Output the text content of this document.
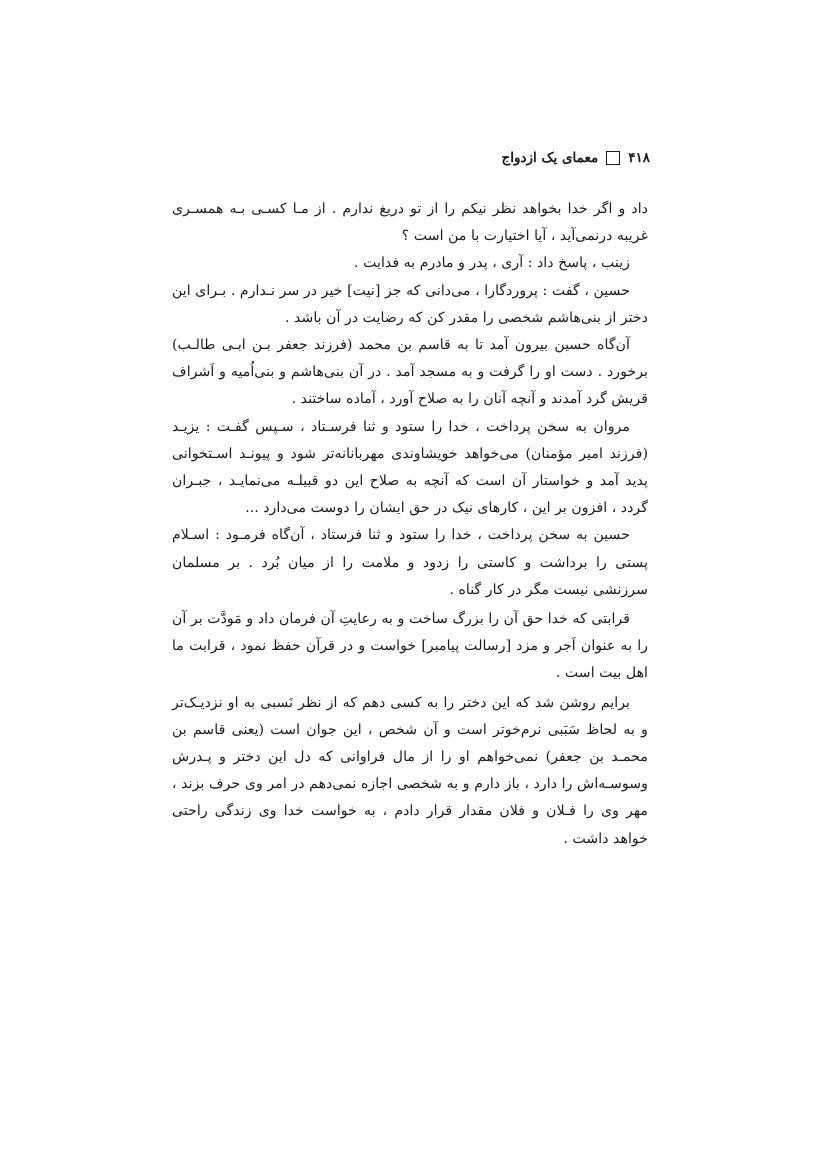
۴۱۸
معمای یک ازدواج

داد و اگر خدا بخواهد نظر نیکم را از تو دریغ ندارم . از مـا کسـی بـه همسـری غریبه درنمی‌آید ، آیا اختیارت با من است ؟

زینب ، پاسخ داد : آری ، پدر و مادرم به فدایت .

حسین ، گفت : پروردگارا ، می‌دانی که جز [نیت] خیر در سر نـدارم . بـرای این دختر از بنی‌هاشم شخصی را مقدر کن که رضایت در آن باشد .

آن‌گاه حسین بیرون آمد تا به قاسم بن محمد (فرزند جعفر بـن ابـی طالـب) برخورد . دست او را گرفت و به مسجد آمد . در آن بنی‌هاشم و بنی‌اُمیه و اَشراف قریش گرد آمدند و آنچه آنان را به صلاح آورد ، آماده ساختند .

مروان به سخن پرداخت ، خدا را ستود و ثنا فرسـتاد ، سـپس گفـت : یزیـد (فرزند امیر مؤمنان) می‌خواهد خویشاوندی مهربانانه‌تر شود و پیونـد اسـتخوانی پدید آمد و خواستار آن است که آنچه به صلاح این دو قبیلـه می‌نمایـد ، جبـران گردد ، افزون بر این ، کارهای نیک در حق ایشان را دوست می‌دارد ...

حسین به سخن پرداخت ، خدا را ستود و ثنا فرستاد ، آن‌گاه فرمـود : اسـلام پستی را برداشت و کاستی را زدود و ملامت را از میان بُرد . بر مسلمان سرزنشی نیست مگر در کار گناه .

قرابتی که خدا حق آن را بزرگ ساخت و به رعایتِ آن فرمان داد و مَودَّت بر آن را به عنوان اَجر و مزد [رسالت پیامبر] خواست و در قرآن حفظ نمود ، قرابت ما اهل بیت است .

برایم روشن شد که این دختر را به کسی دهم که از نظر نَسبی به او نزدیـک‌تر و به لحاظ سَبَبی نرم‌خوتر است و آن شخص ، این جوان است (یعنی قاسم بن محمـد بن جعفر) نمی‌خواهم او را از مال فراوانی که دل این دختر و پـدرش وسوسـه‌اش را دارد ، باز دارم و به شخصی اجازه نمی‌دهم در امر وی حرف بزند ، مهر وی را فـلان و فلان مقدار قرار دادم ، به خواست خدا وی زندگی راحتی خواهد داشت .
